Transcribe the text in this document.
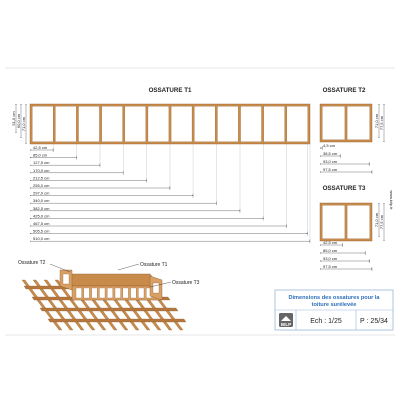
OSSATURE T1
71,0 cm
60,0 cm
51,0 cm
42,5 cm
85,0 cm
127,5 cm
170,0 cm
212,5 cm
255,0 cm
297,0 cm
340,0 cm
382,5 cm
425,0 cm
467,5 cm
505,5 cm
510,0 cm
OSSATURE T2
77,5 cm
71,0 cm
4,5 cm
38,5 cm
93,0 cm
97,5 cm
OSSATURE T3
77,5 cm
71,0 cm
42,5 cm
85,0 cm
93,0 cm
97,5 cm
www.bilp.fr
Ossature T2	Ossature T1
Ossature T3
Dimensions des ossatures pour la
toiture surélevée
BILP	Ech : 1/25	P : 25/34
